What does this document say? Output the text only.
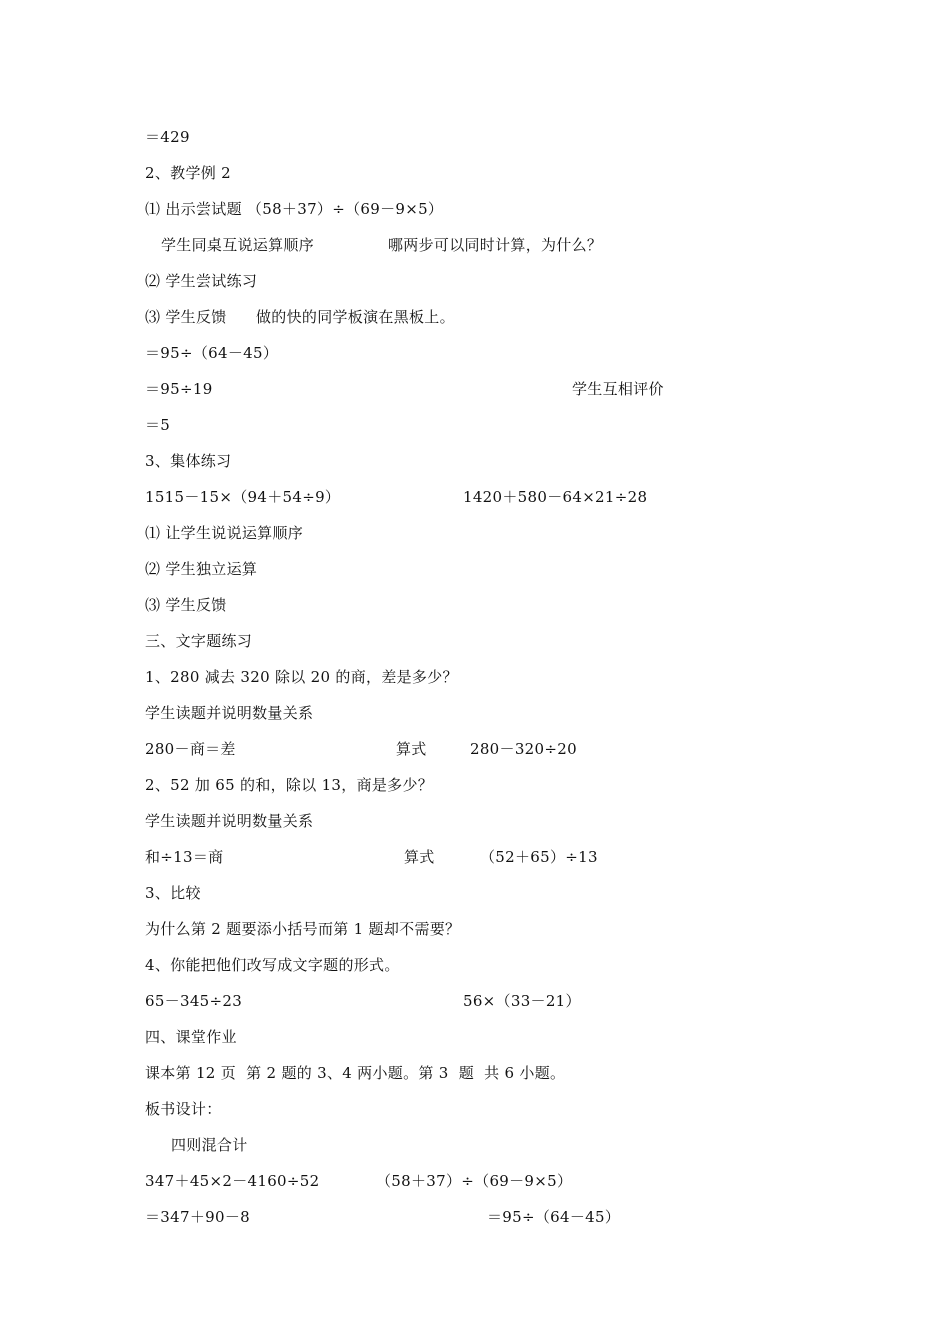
＝429
2、教学例 2
⑴ 出示尝试题 （58＋37）÷（69－9×5）

学生同桌互说运算顺序

	哪两步可以同时计算，为什么？

⑵ 学生尝试练习

⑶ 学生反馈

做的快的同学板演在黑板上。

＝95÷（64－45）

＝95÷19

	学生互相评价

＝5
3、集体练习

1515－15×（94＋54÷9）

	1420＋580－64×21÷28

⑴ 让学生说说运算顺序
⑵ 学生独立运算
⑶ 学生反馈
三、文字题练习
1、280 减去 320 除以 20 的商，差是多少？
学生读题并说明数量关系

280－商＝差

	算式

	280－320÷20

2、52 加 65 的和，除以 13，商是多少？
学生读题并说明数量关系

和÷13＝商

	算式

	（52＋65）÷13

3、比较
为什么第 2 题要添小括号而第 1 题却不需要？
4、你能把他们改写成文字题的形式。

65－345÷23

	56×（33－21）

四、课堂作业
课本第 12 页  第 2 题的 3、4 两小题。第 3  题  共 6 小题。
板书设计：

四则混合计

347＋45×2－4160÷52

	（58＋37）÷（69－9×5）

＝347＋90－8

	＝95÷（64－45）
